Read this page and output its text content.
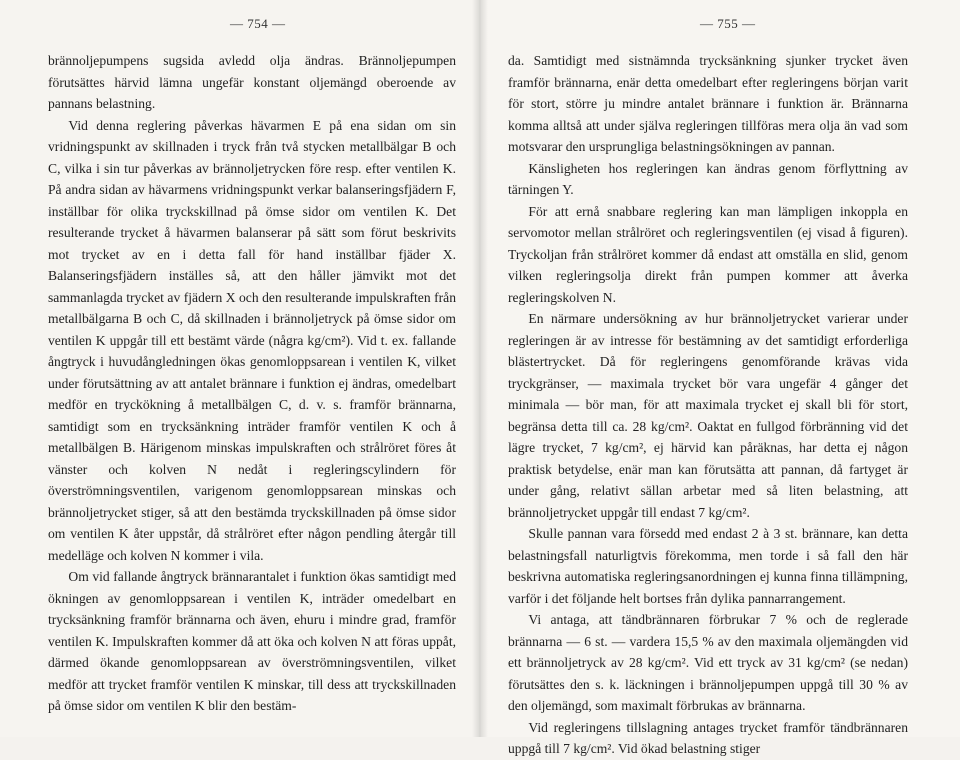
— 754 —

brännoljepumpens sugsida avledd olja ändras. Brännoljepumpen förutsättes härvid lämna ungefär konstant oljemängd oberoende av pannans belastning.

Vid denna reglering påverkas hävarmen E på ena sidan om sin vridningspunkt av skillnaden i tryck från två stycken metallbälgar B och C, vilka i sin tur påverkas av brännoljetrycken före resp. efter ventilen K. På andra sidan av hävarmens vridningspunkt verkar balanseringsfjädern F, inställbar för olika tryckskillnad på ömse sidor om ventilen K. Det resulterande trycket å hävarmen balanserar på sätt som förut beskrivits mot trycket av en i detta fall för hand inställbar fjäder X. Balanseringsfjädern inställes så, att den håller jämvikt mot det sammanlagda trycket av fjädern X och den resulterande impulskraften från metallbälgarna B och C, då skillnaden i brännoljetryck på ömse sidor om ventilen K uppgår till ett bestämt värde (några kg/cm²). Vid t. ex. fallande ångtryck i huvudångledningen ökas genomloppsarean i ventilen K, vilket under förutsättning av att antalet brännare i funktion ej ändras, omedelbart medför en tryckökning å metallbälgen C, d. v. s. framför brännarna, samtidigt som en trycksänkning inträder framför ventilen K och å metallbälgen B. Härigenom minskas impulskraften och strålröret föres åt vänster och kolven N nedåt i regleringscylindern för överströmningsventilen, varigenom genomloppsarean minskas och brännoljetrycket stiger, så att den bestämda tryckskillnaden på ömse sidor om ventilen K åter uppstår, då strålröret efter någon pendling återgår till medelläge och kolven N kommer i vila.

Om vid fallande ångtryck brännarantalet i funktion ökas samtidigt med ökningen av genomloppsarean i ventilen K, inträder omedelbart en trycksänkning framför brännarna och även, ehuru i mindre grad, framför ventilen K. Impulskraften kommer då att öka och kolven N att föras uppåt, därmed ökande genomloppsarean av överströmningsventilen, vilket medför att trycket framför ventilen K minskar, till dess att tryckskillnaden på ömse sidor om ventilen K blir den bestäm-

— 755 —

da. Samtidigt med sistnämnda trycksänkning sjunker trycket även framför brännarna, enär detta omedelbart efter regleringens början varit för stort, större ju mindre antalet brännare i funktion är. Brännarna komma alltså att under själva regleringen tillföras mera olja än vad som motsvarar den ursprungliga belastningsökningen av pannan.

Känsligheten hos regleringen kan ändras genom förflyttning av tärningen Y.

För att ernå snabbare reglering kan man lämpligen inkoppla en servomotor mellan strålröret och regleringsventilen (ej visad å figuren). Tryckoljan från strålröret kommer då endast att omställa en slid, genom vilken regleringsolja direkt från pumpen kommer att åverka regleringskolven N.

En närmare undersökning av hur brännoljetrycket varierar under regleringen är av intresse för bestämning av det samtidigt erforderliga blästertrycket. Då för regleringens genomförande krävas vida tryckgränser, — maximala trycket bör vara ungefär 4 gånger det minimala — bör man, för att maximala trycket ej skall bli för stort, begränsa detta till ca. 28 kg/cm². Oaktat en fullgod förbränning vid det lägre trycket, 7 kg/cm², ej härvid kan påräknas, har detta ej någon praktisk betydelse, enär man kan förutsätta att pannan, då fartyget är under gång, relativt sällan arbetar med så liten belastning, att brännoljetrycket uppgår till endast 7 kg/cm².

Skulle pannan vara försedd med endast 2 à 3 st. brännare, kan detta belastningsfall naturligtvis förekomma, men torde i så fall den här beskrivna automatiska regleringsanordningen ej kunna finna tillämpning, varför i det följande helt bortses från dylika pannarrangement.

Vi antaga, att tändbrännaren förbrukar 7 % och de reglerade brännarna — 6 st. — vardera 15,5 % av den maximala oljemängden vid ett brännoljetryck av 28 kg/cm². Vid ett tryck av 31 kg/cm² (se nedan) förutsättes den s. k. läckningen i brännoljepumpen uppgå till 30 % av den oljemängd, som maximalt förbrukas av brännarna.

Vid regleringens tillslagning antages trycket framför tändbrännaren uppgå till 7 kg/cm². Vid ökad belastning stiger
